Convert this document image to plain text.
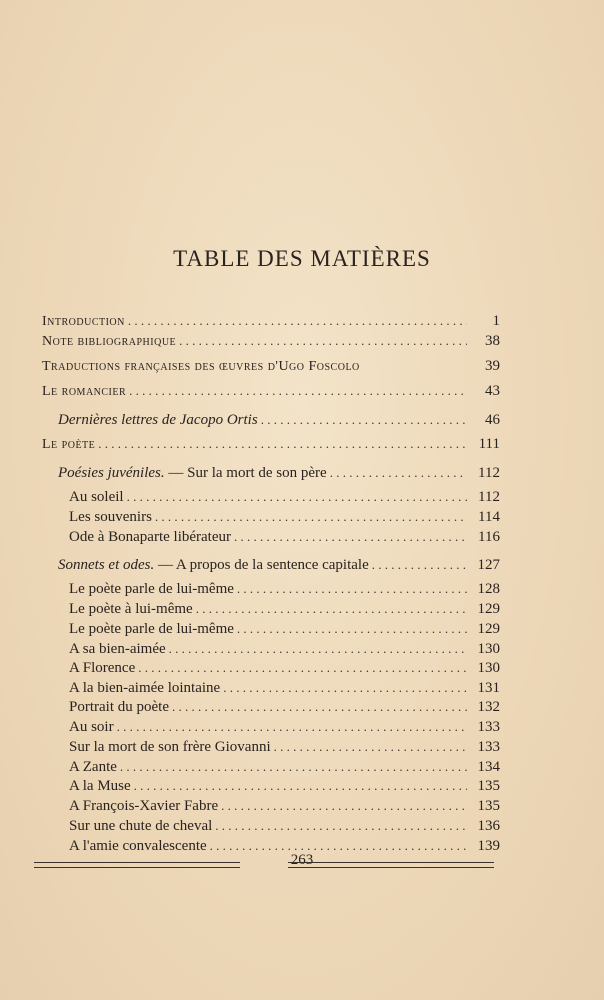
TABLE DES MATIÈRES
Introduction . . .	1
Note bibliographique . . .	38
Traductions françaises des œuvres d'Ugo Foscolo	39
Le romancier . . .	43
Dernières lettres de Jacopo Ortis . . .	46
Le poète . . .	111
Poésies juvéniles. — Sur la mort de son père . . .	112
Au soleil . . .	112
Les souvenirs . . .	114
Ode à Bonaparte libérateur . . .	116
Sonnets et odes. — A propos de la sentence capitale . . .	127
Le poète parle de lui-même . . .	128
Le poète à lui-même . . .	129
Le poète parle de lui-même . . .	129
A sa bien-aimée . . .	130
A Florence . . .	130
A la bien-aimée lointaine . . .	131
Portrait du poète . . .	132
Au soir . . .	133
Sur la mort de son frère Giovanni . . .	133
A Zante . . .	134
A la Muse . . .	135
A François-Xavier Fabre . . .	135
Sur une chute de cheval . . .	136
A l'amie convalescente . . .	139
263
